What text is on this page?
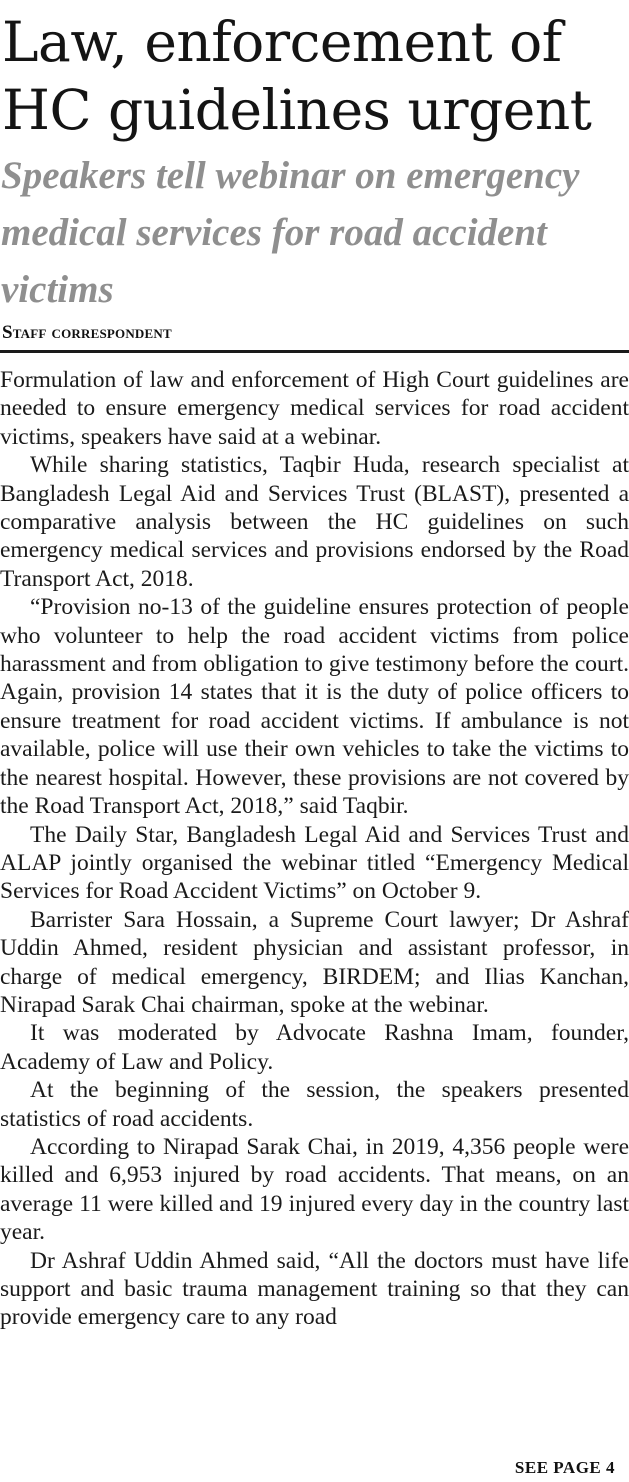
Law, enforcement of HC guidelines urgent
Speakers tell webinar on emergency medical services for road accident victims
Staff correspondent

Formulation of law and enforcement of High Court guidelines are needed to ensure emergency medical services for road accident victims, speakers have said at a webinar.

While sharing statistics, Taqbir Huda, research specialist at Bangladesh Legal Aid and Services Trust (BLAST), presented a comparative analysis between the HC guidelines on such emergency medical services and provisions endorsed by the Road Transport Act, 2018.

“Provision no-13 of the guideline ensures protection of people who volunteer to help the road accident victims from police harassment and from obligation to give testimony before the court. Again, provision 14 states that it is the duty of police officers to ensure treatment for road accident victims. If ambulance is not available, police will use their own vehicles to take the victims to the nearest hospital. However, these provisions are not covered by the Road Transport Act, 2018,” said Taqbir.

The Daily Star, Bangladesh Legal Aid and Services Trust and ALAP jointly organised the webinar titled “Emergency Medical Services for Road Accident Victims” on October 9.

Barrister Sara Hossain, a Supreme Court lawyer; Dr Ashraf Uddin Ahmed, resident physician and assistant professor, in charge of medical emergency, BIRDEM; and Ilias Kanchan, Nirapad Sarak Chai chairman, spoke at the webinar.

It was moderated by Advocate Rashna Imam, founder, Academy of Law and Policy.

At the beginning of the session, the speakers presented statistics of road accidents.

According to Nirapad Sarak Chai, in 2019, 4,356 people were killed and 6,953 injured by road accidents. That means, on an average 11 were killed and 19 injured every day in the country last year.

Dr Ashraf Uddin Ahmed said, “All the doctors must have life support and basic trauma management training so that they can provide emergency care to any road

SEE PAGE 4
